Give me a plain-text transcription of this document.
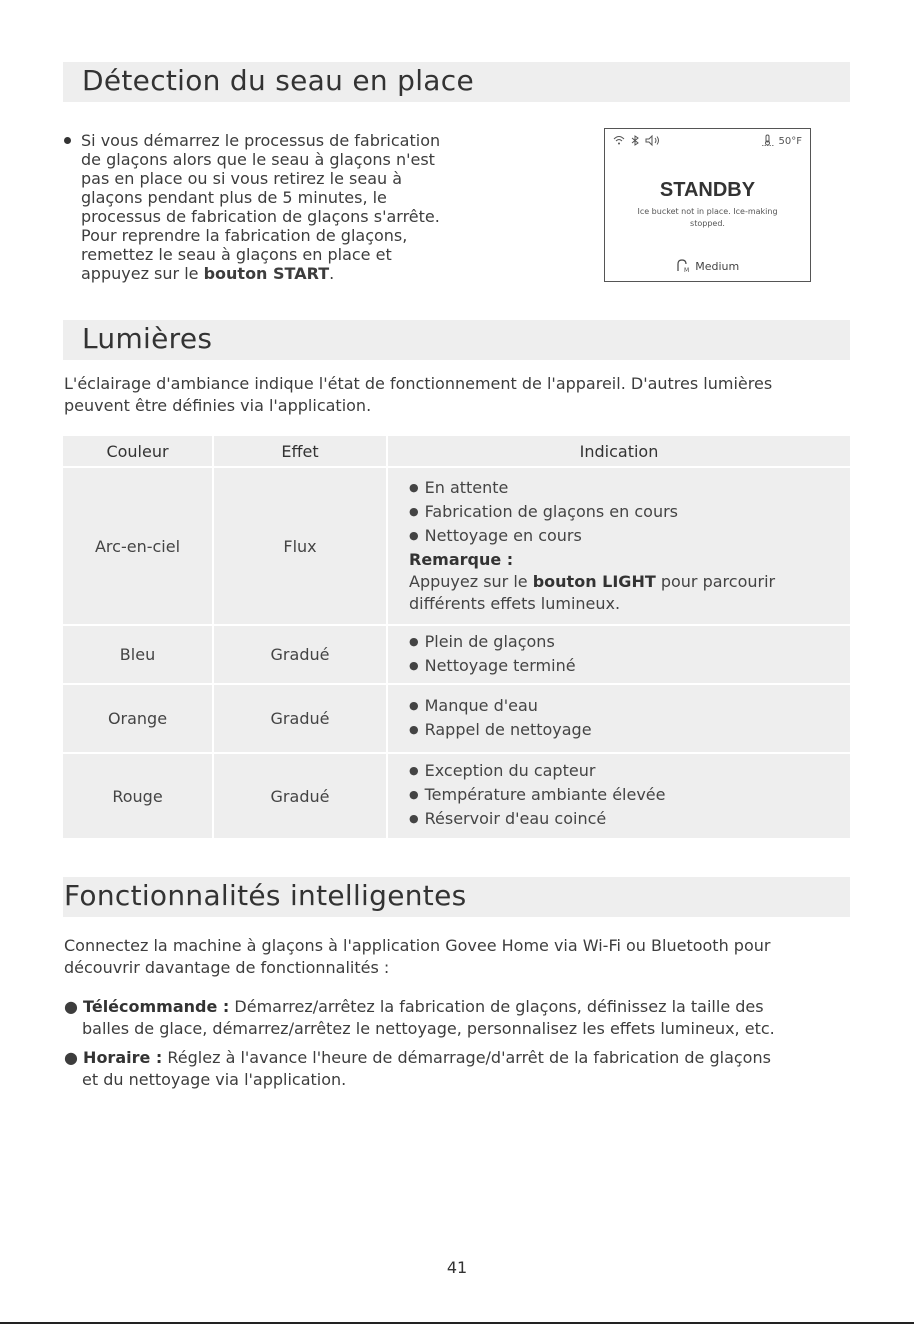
Détection du seau en place
Si vous démarrez le processus de fabrication
de glaçons alors que le seau à glaçons n'est
pas en place ou si vous retirez le seau à
glaçons pendant plus de 5 minutes, le
processus de fabrication de glaçons s'arrête.
Pour reprendre la fabrication de glaçons,
remettez le seau à glaçons en place et
appuyez sur le bouton START.
50°F
STANDBY
Ice bucket not in place. Ice-making
stopped.
M Medium
Lumières
L'éclairage d'ambiance indique l'état de fonctionnement de l'appareil. D'autres lumières
peuvent être définies via l'application.
Couleur	Effet	Indication
Arc-en-ciel	Flux
● En attente
● Fabrication de glaçons en cours
● Nettoyage en cours
Remarque :
Appuyez sur le bouton LIGHT pour parcourir
différents effets lumineux.
Bleu	Gradué
● Plein de glaçons
● Nettoyage terminé
Orange	Gradué
● Manque d'eau
● Rappel de nettoyage
Rouge	Gradué
● Exception du capteur
● Température ambiante élevée
● Réservoir d'eau coincé
Fonctionnalités intelligentes
Connectez la machine à glaçons à l'application Govee Home via Wi-Fi ou Bluetooth pour
découvrir davantage de fonctionnalités :
● Télécommande : Démarrez/arrêtez la fabrication de glaçons, définissez la taille des
balles de glace, démarrez/arrêtez le nettoyage, personnalisez les effets lumineux, etc.
● Horaire : Réglez à l'avance l'heure de démarrage/d'arrêt de la fabrication de glaçons
et du nettoyage via l'application.
41
